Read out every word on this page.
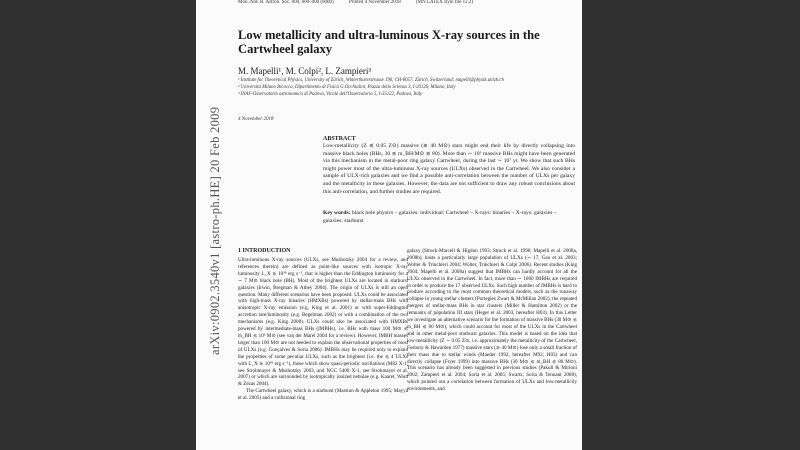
Mon. Not. R. Astron. Soc. 000, 000–000 (0000)	Printed 4 November 2018	(MN LATEX style file v2.2)
arXiv:0902.3540v1 [astro-ph.HE] 20 Feb 2009
Low metallicity and ultra-luminous X-ray sources in the Cartwheel galaxy
M. Mapelli¹, M. Colpi², L. Zampieri³
¹ Institute for Theoretical Physics, University of Zürich, Winterthurerstrasse 190, CH-8057, Zürich, Switzerland; mapelli@physik.unizh.ch
² Università Milano Bicocca, Dipartimento di Fisica G.Occhialini, Piazza della Scienza 3, I-20126, Milano, Italy
³ INAF-Osservatorio astronomico di Padova, Vicolo dell'Osservatorio 5, I-35122, Padova, Italy
4 November 2018
ABSTRACT
Low-metallicity (Z ≲ 0.05 Z⊙) massive (≳ 40 M⊙) stars might end their life by directly collapsing into massive black holes (BHs, 30 ≲ m_BH/M⊙ ≲ 80). More than ∼ 10⁵ massive BHs might have been generated via this mechanism in the metal-poor ring galaxy Cartwheel, during the last ∼ 10⁷ yr. We show that such BHs might power most of the ultra-luminous X-ray sources (ULXs) observed in the Cartwheel. We also consider a sample of ULX-rich galaxies and we find a possible anti-correlation between the number of ULXs per galaxy and the metallicity in these galaxies. However, the data are not sufficient to draw any robust conclusions about this anti-correlation, and further studies are required.
Key words: black hole physics – galaxies: individual: Cartwheel – X-rays: binaries – X-rays: galaxies – galaxies: starburst
1 INTRODUCTION

Ultra-luminous X-ray sources (ULXs, see Mushotzky 2004 for a review, and references therein) are defined as point-like sources with isotropic X-ray luminosity L_X ≳ 10³⁹ erg s⁻¹, that is higher than the Eddington luminosity for a ∼ 7 M⊙ black hole (BH). Most of the brightest ULXs are located in starburst galaxies (Irwin, Bregman & Athey 2004). The origin of ULXs is still an open question. Many different scenarios have been proposed. ULXs could be associated with high-mass X-ray binaries (HMXBs) powered by stellar-mass BHs with anisotropic X-ray emission (e.g. King et al. 2001) or with super-Eddington accretion rate/luminosity (e.g. Begelman 2002) or with a combination of the two mechanisms (e.g. King 2008). ULXs could also be associated with HMXBs powered by intermediate-mass BHs (IMBHs), i.e. BHs with mass 100 M⊙ ≲ m_BH ≲ 10⁵ M⊙ (see van der Marel 2004 for a review). However, IMBH masses larger than 100 M⊙ are not needed to explain the observational properties of most of ULXs (e.g. Gonçalves & Soria 2006). IMBHs may be required only to explain the properties of some peculiar ULXs, such as the brightest (i.e. the ≲ 4 ULXs with L_X ≳ 10⁴¹ erg s⁻¹), those which show quasi-periodic oscillations (M82 X-1, see Strohmayer & Mushotzky 2003, and NGC 5408 X-1, see Strohmayer et al. 2007) or which are surrounded by isotropically ionized nebulae (e.g. Kaaret, Ward & Zezas 2004).

The Cartwheel galaxy, which is a starburst (Marston & Appleton 1995; Mayya et al. 2005) and a collisional ring

galaxy (Struck-Marcell & Higdon 1993; Struck et al. 1996; Mapelli et al. 2008a, 2008b), hosts a particularly large population of ULXs (∼ 17, Gao et al. 2003; Wolter & Trinchieri 2004; Wolter, Trinchieri & Colpi 2006). Recent studies (King 2004; Mapelli et al. 2008a) suggest that IMBHs can hardly account for all the ULXs observed in the Cartwheel. In fact, more than ∼ 1000 IMBHs are required in order to produce the 17 observed ULXs. Such high number of IMBHs is hard to produce according to the most common theoretical models, such as the runaway collapse in young stellar clusters (Portegies Zwart & McMillan 2002), the repeated mergers of stellar-mass BHs in star clusters (Miller & Hamilton 2002) or the remnants of population III stars (Heger et al. 2003, hereafter H03). In this Letter we investigate an alternative scenario for the formation of massive BHs (30 M⊙ ≲ m_BH ≲ 80 M⊙), which could account for most of the ULXs in the Cartwheel and in other metal-poor starburst galaxies. This model is based on the idea that low-metallicity (Z ∼ 0.05 Z⊙, i.e. approximately the metallicity of the Cartwheel, Fosbury & Hawarden 1977) massive stars (≳ 40 M⊙) lose only a small fraction of their mass due to stellar winds (Maeder 1992, hereafter M92; H03) and can directly collapse (Fryer 1999) into massive BHs (30 M⊙ ≲ m_BH ≲ 80 M⊙). This scenario has already been suggested in previous studies (Pakull & Mirioni 2002; Zampieri et al. 2004; Soria et al. 2005; Swartz, Soria & Tennant 2008), which pointed out a correlation between formation of ULXs and low-metallicity environments, and
